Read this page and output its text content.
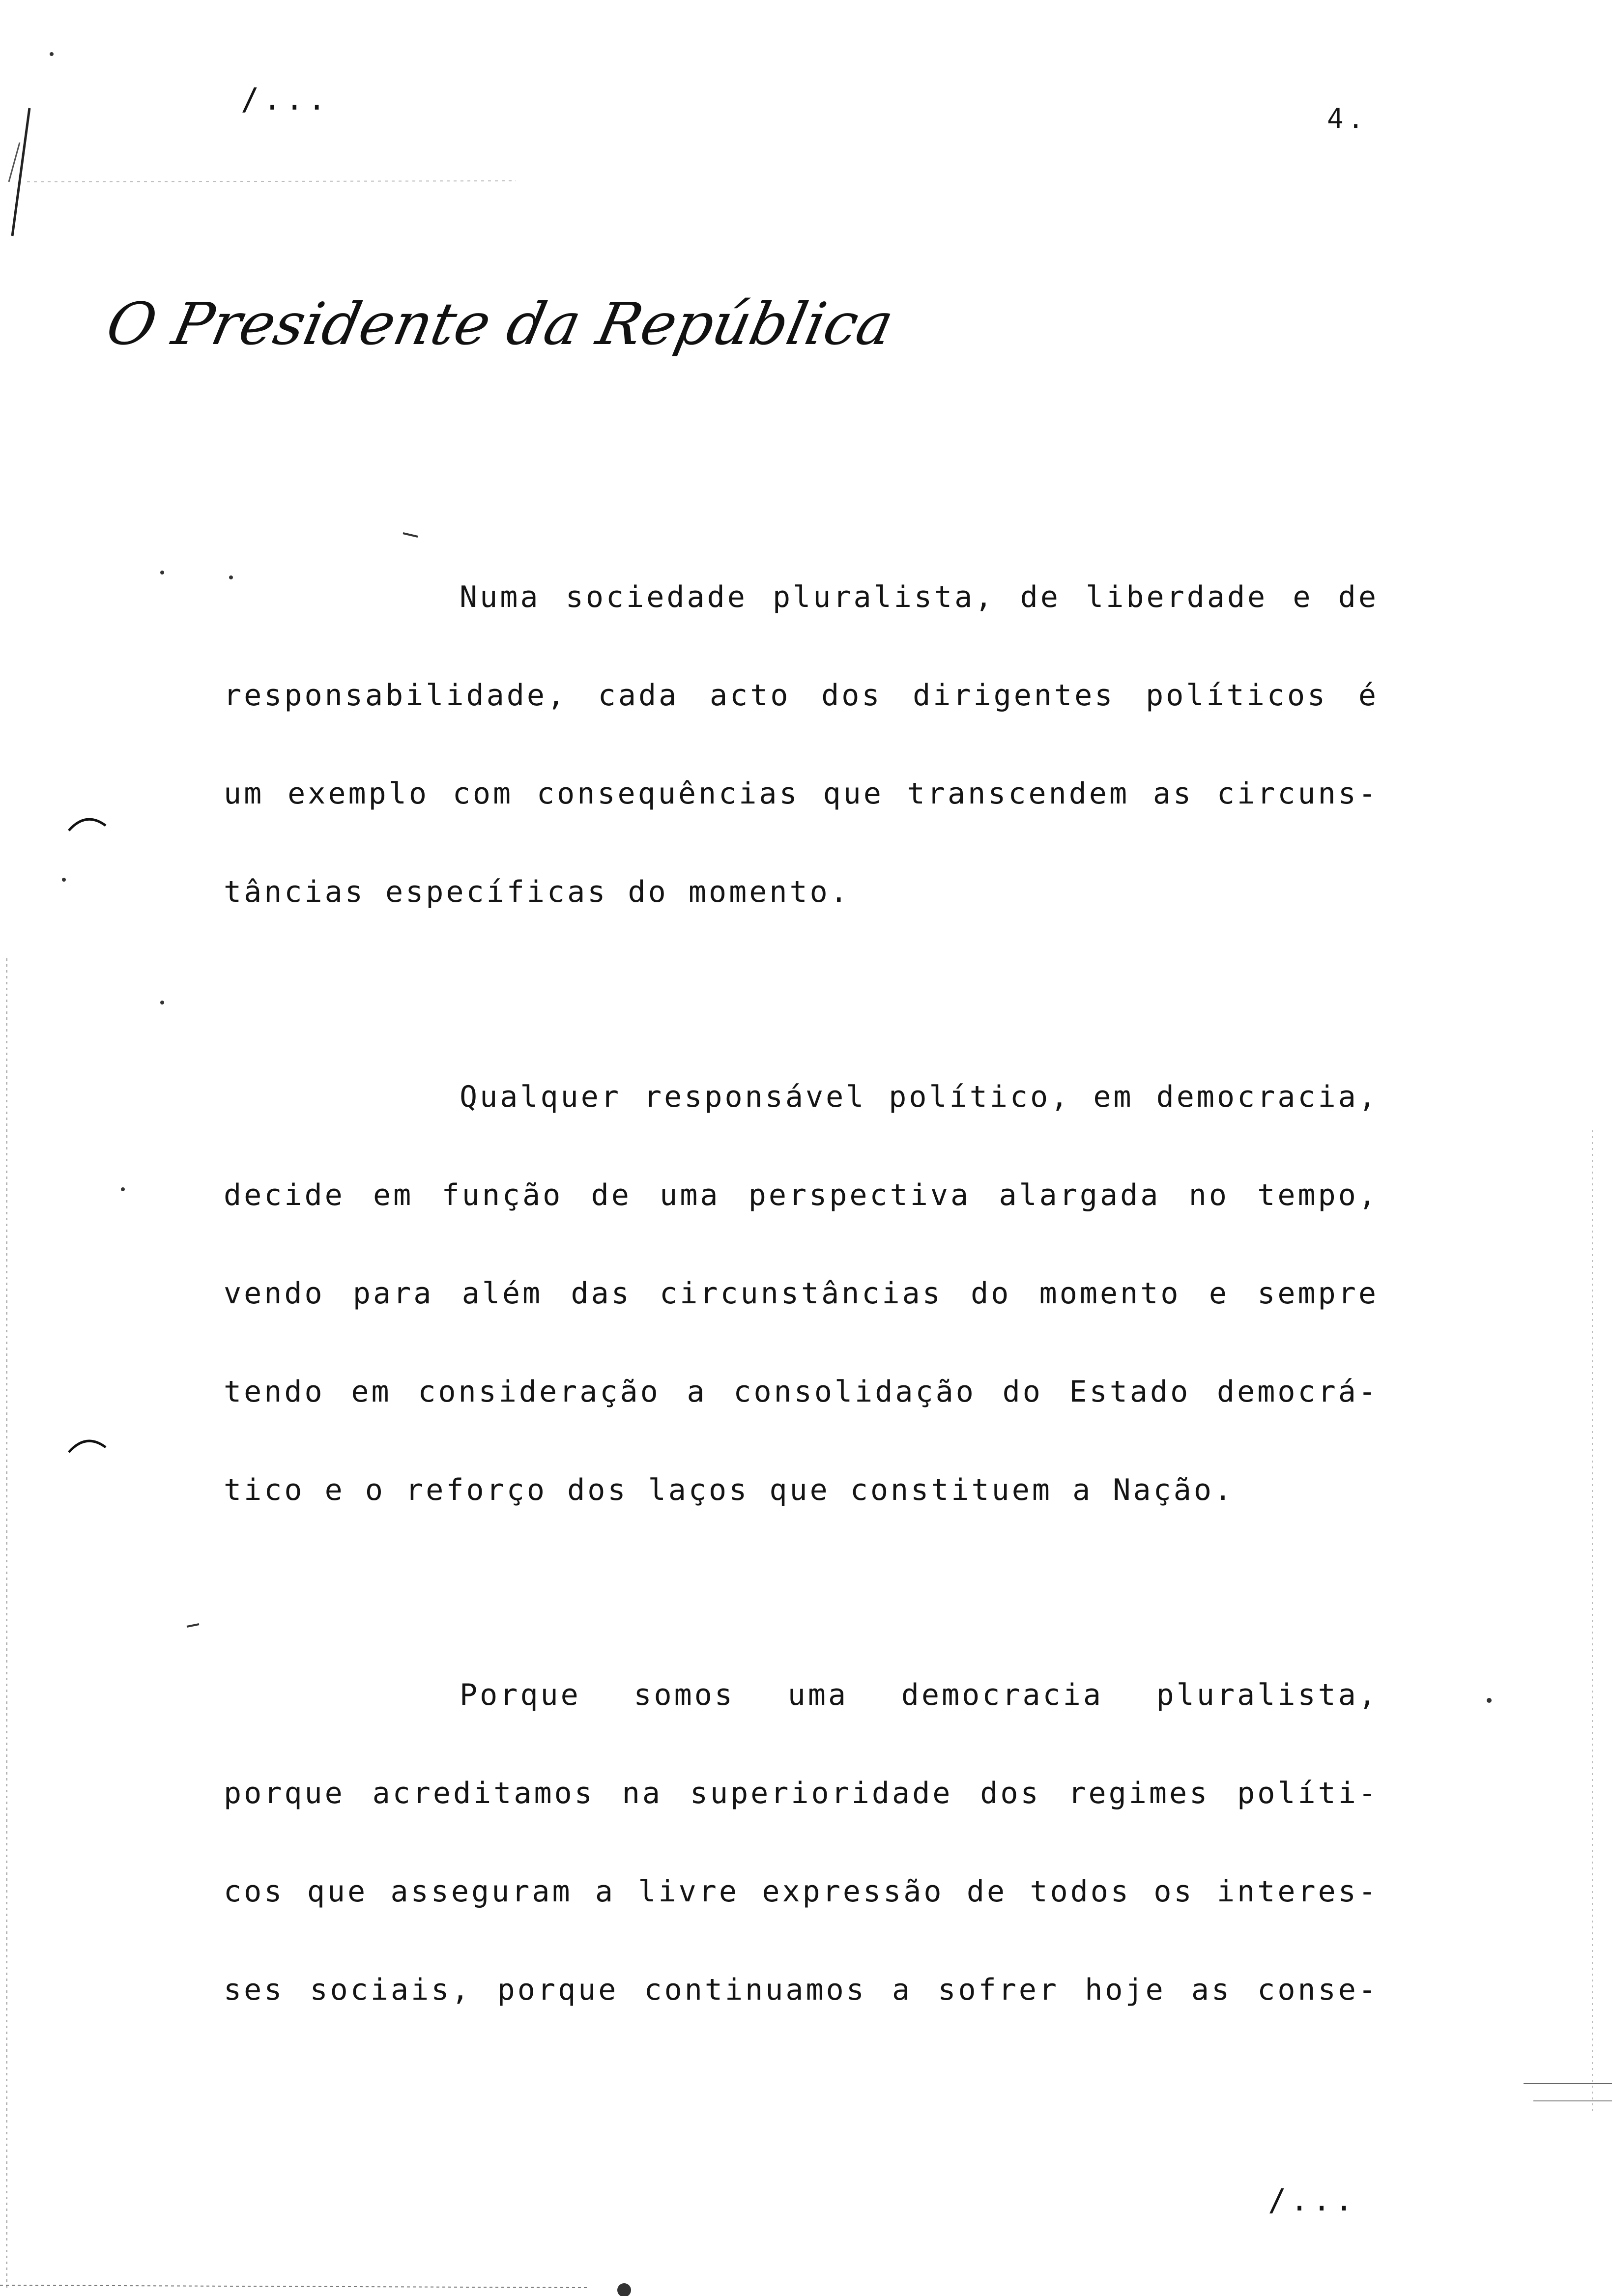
/...
4.
O Presidente da República
Numa sociedade pluralista, de liberdade e de
responsabilidade, cada acto dos dirigentes políticos é
um exemplo com consequências que transcendem as circuns-
tâncias específicas do momento.
Qualquer responsável político, em democracia,
decide em função de uma perspectiva alargada no tempo,
vendo para além das circunstâncias do momento e sempre
tendo em consideração a consolidação do Estado democrá-
tico e o reforço dos laços que constituem a Nação.
Porque somos uma democracia pluralista,
porque acreditamos na superioridade dos regimes políti-
cos que asseguram a livre expressão de todos os interes-
ses sociais, porque continuamos a sofrer hoje as conse-
/...
